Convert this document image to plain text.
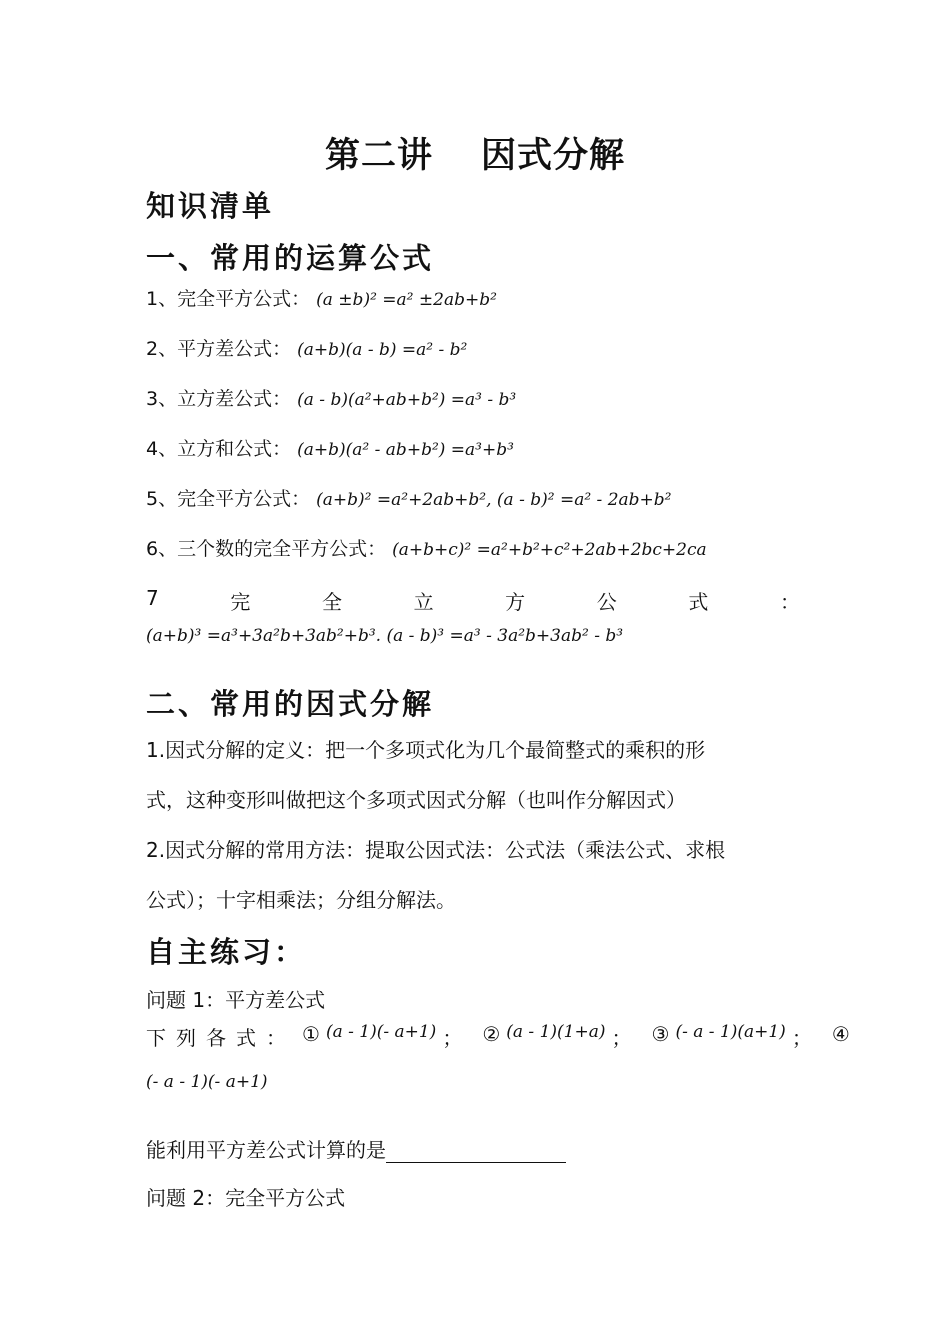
第二讲 因式分解
知识清单
一、常用的运算公式
1、完全平方公式： (a ±b)² =a² ±2ab+b²
2、平方差公式： (a+b)(a - b) =a² - b²
3、立方差公式： (a - b)(a²+ab+b²) =a³ - b³
4、立方和公式： (a+b)(a² - ab+b²) =a³+b³
5、完全平方公式： (a+b)² =a²+2ab+b², (a - b)² =a² - 2ab+b²
6、三个数的完全平方公式： (a+b+c)² =a²+b²+c²+2ab+2bc+2ca
7	完	全	立	方	公	式	：
(a+b)³ =a³+3a²b+3ab²+b³. (a - b)³ =a³ - 3a²b+3ab² - b³
二、常用的因式分解
1.因式分解的定义：把一个多项式化为几个最简整式的乘积的形
式，这种变形叫做把这个多项式因式分解（也叫作分解因式）
2.因式分解的常用方法：提取公因式法：公式法（乘法公式、求根
公式）；十字相乘法；分组分解法。
自主练习：
问题 1：平方差公式
下列各式： ① (a - 1)(- a+1) ； ② (a - 1)(1+a) ； ③ (- a - 1)(a+1) ； ④
(- a - 1)(- a+1)
能利用平方差公式计算的是
问题 2：完全平方公式
